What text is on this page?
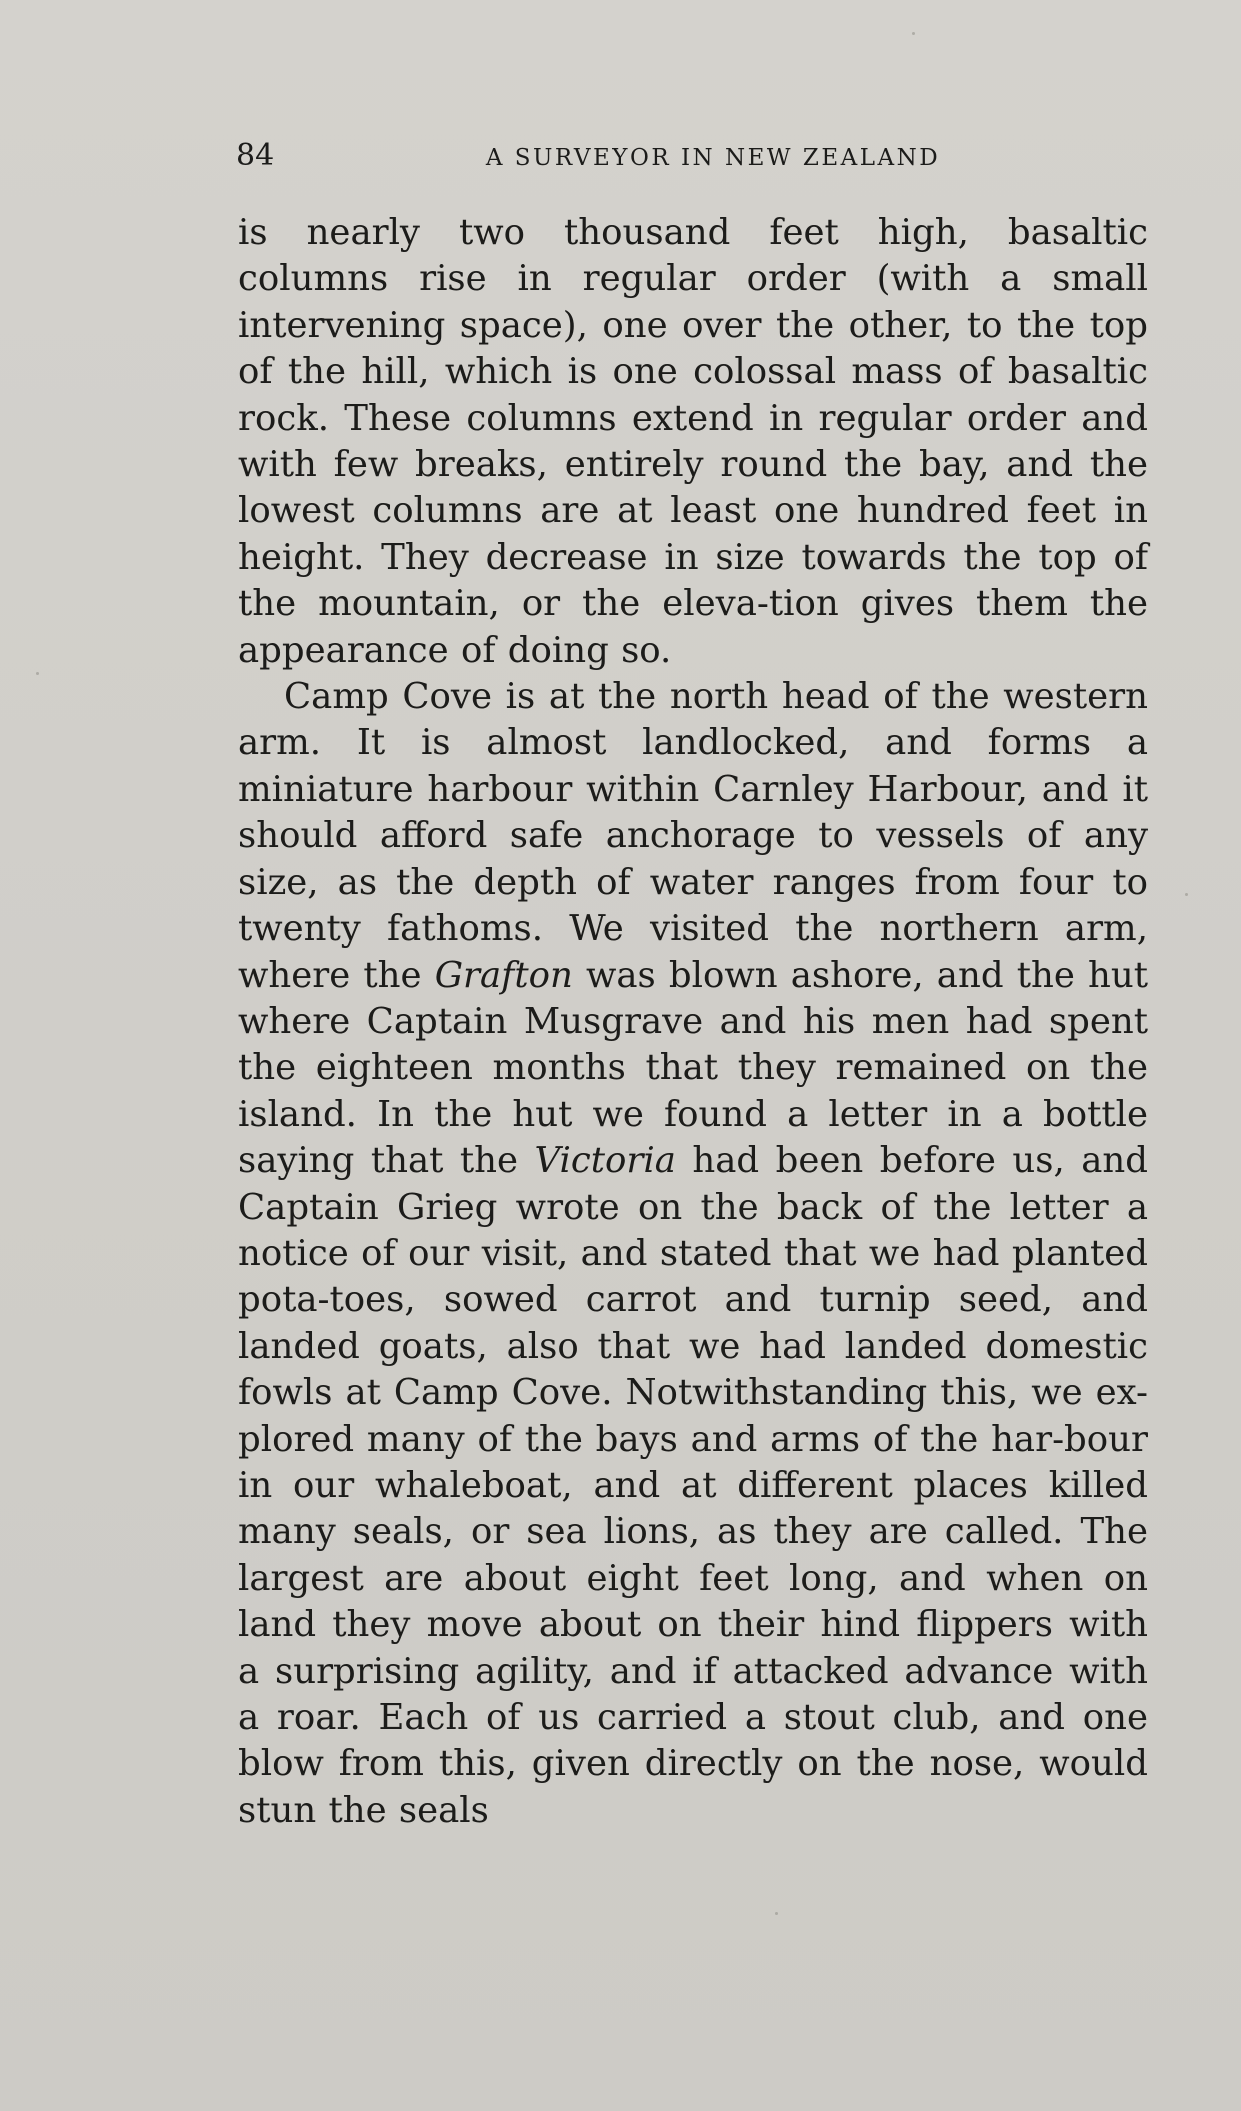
84	A SURVEYOR IN NEW ZEALAND

is nearly two thousand feet high, basaltic columns rise in regular order (with a small intervening space), one over the other, to the top of the hill, which is one colossal mass of basaltic rock. These columns extend in regular order and with few breaks, entirely round the bay, and the lowest columns are at least one hundred feet in height. They decrease in size towards the top of the mountain, or the eleva-tion gives them the appearance of doing so.

Camp Cove is at the north head of the western arm. It is almost landlocked, and forms a miniature harbour within Carnley Harbour, and it should afford safe anchorage to vessels of any size, as the depth of water ranges from four to twenty fathoms. We visited the northern arm, where the Grafton was blown ashore, and the hut where Captain Musgrave and his men had spent the eighteen months that they remained on the island. In the hut we found a letter in a bottle saying that the Victoria had been before us, and Captain Grieg wrote on the back of the letter a notice of our visit, and stated that we had planted pota-toes, sowed carrot and turnip seed, and landed goats, also that we had landed domestic fowls at Camp Cove. Notwithstanding this, we ex-plored many of the bays and arms of the har-bour in our whaleboat, and at different places killed many seals, or sea lions, as they are called. The largest are about eight feet long, and when on land they move about on their hind flippers with a surprising agility, and if attacked advance with a roar. Each of us carried a stout club, and one blow from this, given directly on the nose, would stun the seals
